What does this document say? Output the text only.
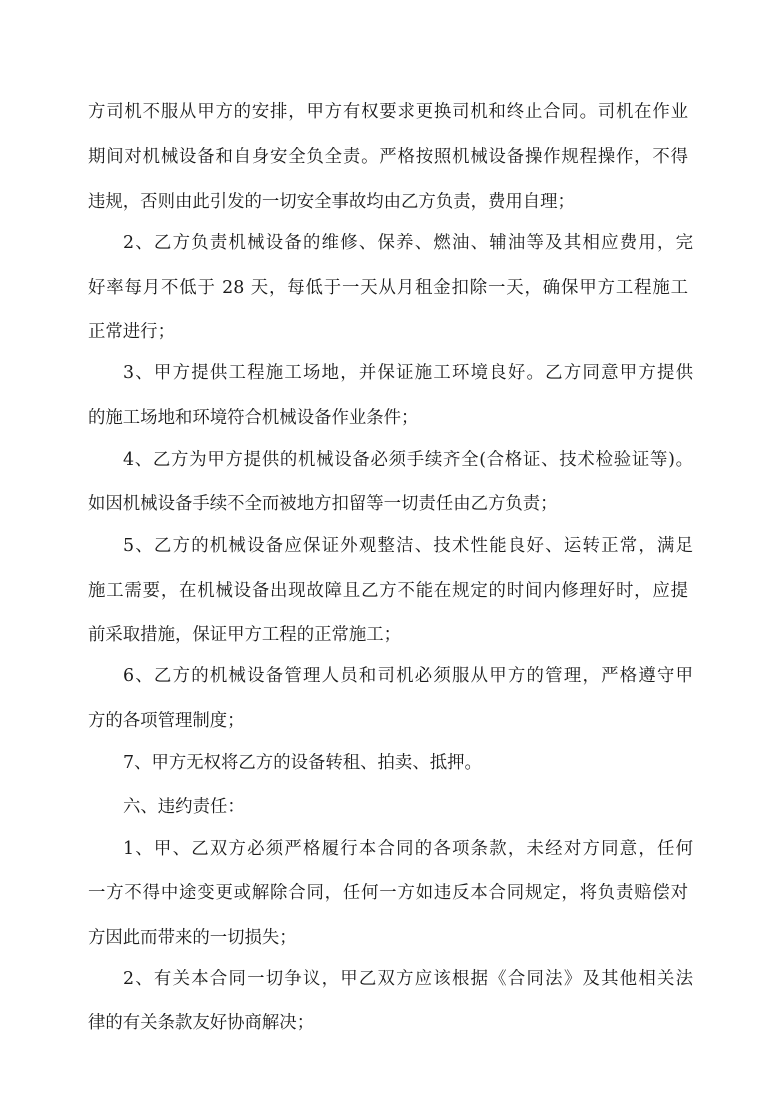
方司机不服从甲方的安排，甲方有权要求更换司机和终止合同。司机在作业
期间对机械设备和自身安全负全责。严格按照机械设备操作规程操作，不得
违规，否则由此引发的一切安全事故均由乙方负责，费用自理；
2、乙方负责机械设备的维修、保养、燃油、辅油等及其相应费用，完
好率每月不低于 28 天，每低于一天从月租金扣除一天，确保甲方工程施工
正常进行；
3、甲方提供工程施工场地，并保证施工环境良好。乙方同意甲方提供
的施工场地和环境符合机械设备作业条件；
4、乙方为甲方提供的机械设备必须手续齐全(合格证、技术检验证等)。
如因机械设备手续不全而被地方扣留等一切责任由乙方负责；
5、乙方的机械设备应保证外观整洁、技术性能良好、运转正常，满足
施工需要，在机械设备出现故障且乙方不能在规定的时间内修理好时，应提
前采取措施，保证甲方工程的正常施工；
6、乙方的机械设备管理人员和司机必须服从甲方的管理，严格遵守甲
方的各项管理制度；
7、甲方无权将乙方的设备转租、拍卖、抵押。
六、违约责任：
1、甲、乙双方必须严格履行本合同的各项条款，未经对方同意，任何
一方不得中途变更或解除合同，任何一方如违反本合同规定，将负责赔偿对
方因此而带来的一切损失；
2、有关本合同一切争议，甲乙双方应该根据《合同法》及其他相关法
律的有关条款友好协商解决；
